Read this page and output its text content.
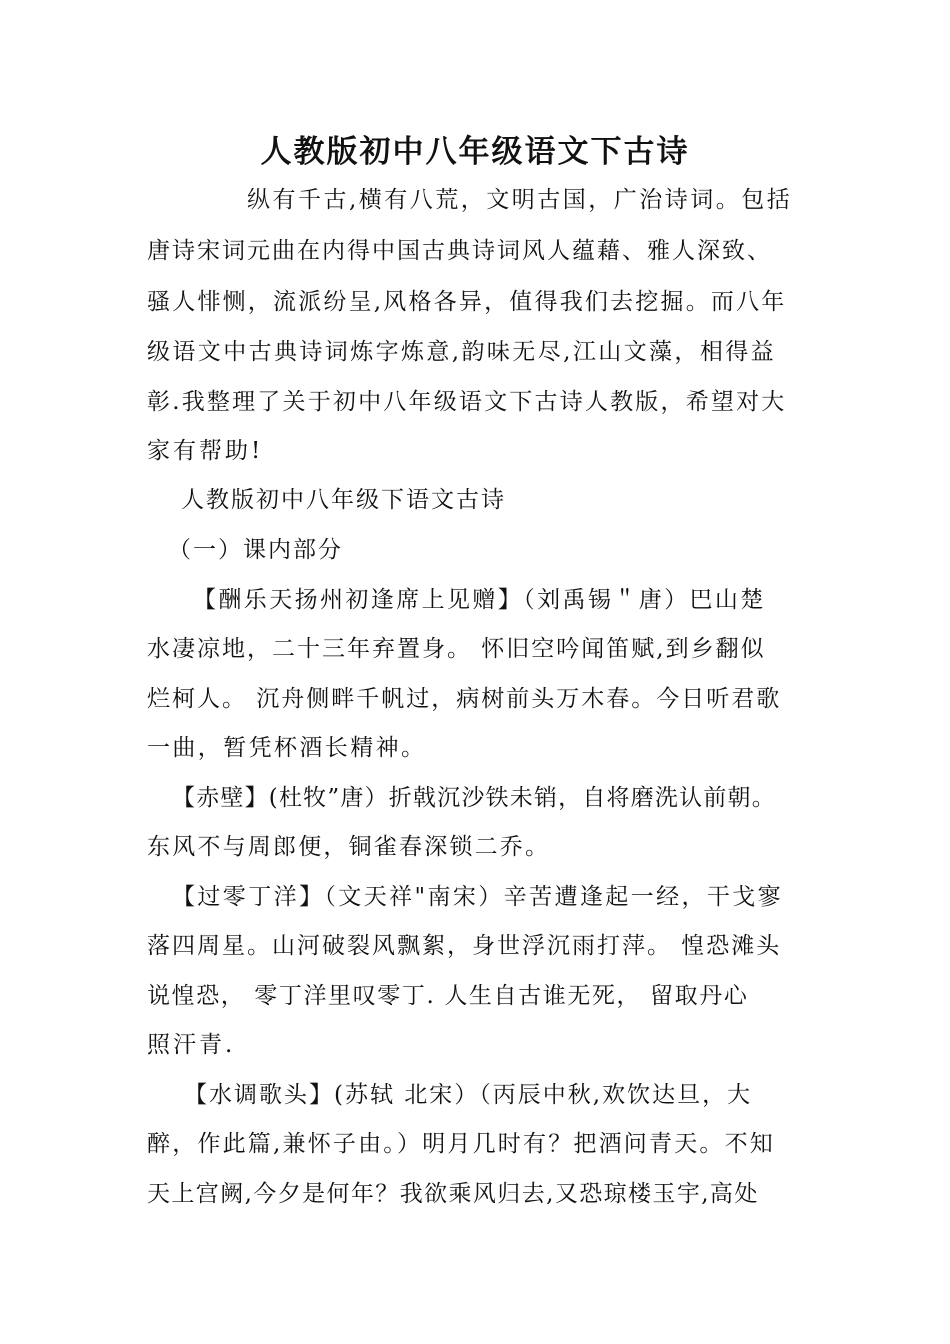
人教版初中八年级语文下古诗
纵有千古,横有八荒，文明古国，广治诗词。包括
唐诗宋词元曲在内得中国古典诗词风人蕴藉、雅人深致、
骚人悱恻，流派纷呈,风格各异，值得我们去挖掘。而八年
级语文中古典诗词炼字炼意,韵味无尽,江山文藻，相得益
彰.我整理了关于初中八年级语文下古诗人教版，希望对大
家有帮助!
人教版初中八年级下语文古诗
（一）课内部分
【酬乐天扬州初逢席上见赠】（刘禹锡＂唐）巴山楚
水凄凉地，二十三年弃置身。 怀旧空吟闻笛赋,到乡翻似
烂柯人。 沉舟侧畔千帆过，病树前头万木春。今日听君歌
一曲，暂凭杯酒长精神。
【赤壁】(杜牧”唐）折戟沉沙铁未销，自将磨洗认前朝。
东风不与周郎便，铜雀春深锁二乔。
【过零丁洋】（文天祥"南宋）辛苦遭逢起一经，干戈寥
落四周星。山河破裂风飘絮，身世浮沉雨打萍。 惶恐滩头
说惶恐， 零丁洋里叹零丁. 人生自古谁无死， 留取丹心
照汗青.
【水调歌头】(苏轼 北宋）（丙辰中秋,欢饮达旦，大
醉，作此篇,兼怀子由。）明月几时有？把酒问青天。不知
天上宫阙,今夕是何年？我欲乘风归去,又恐琼楼玉宇,高处
